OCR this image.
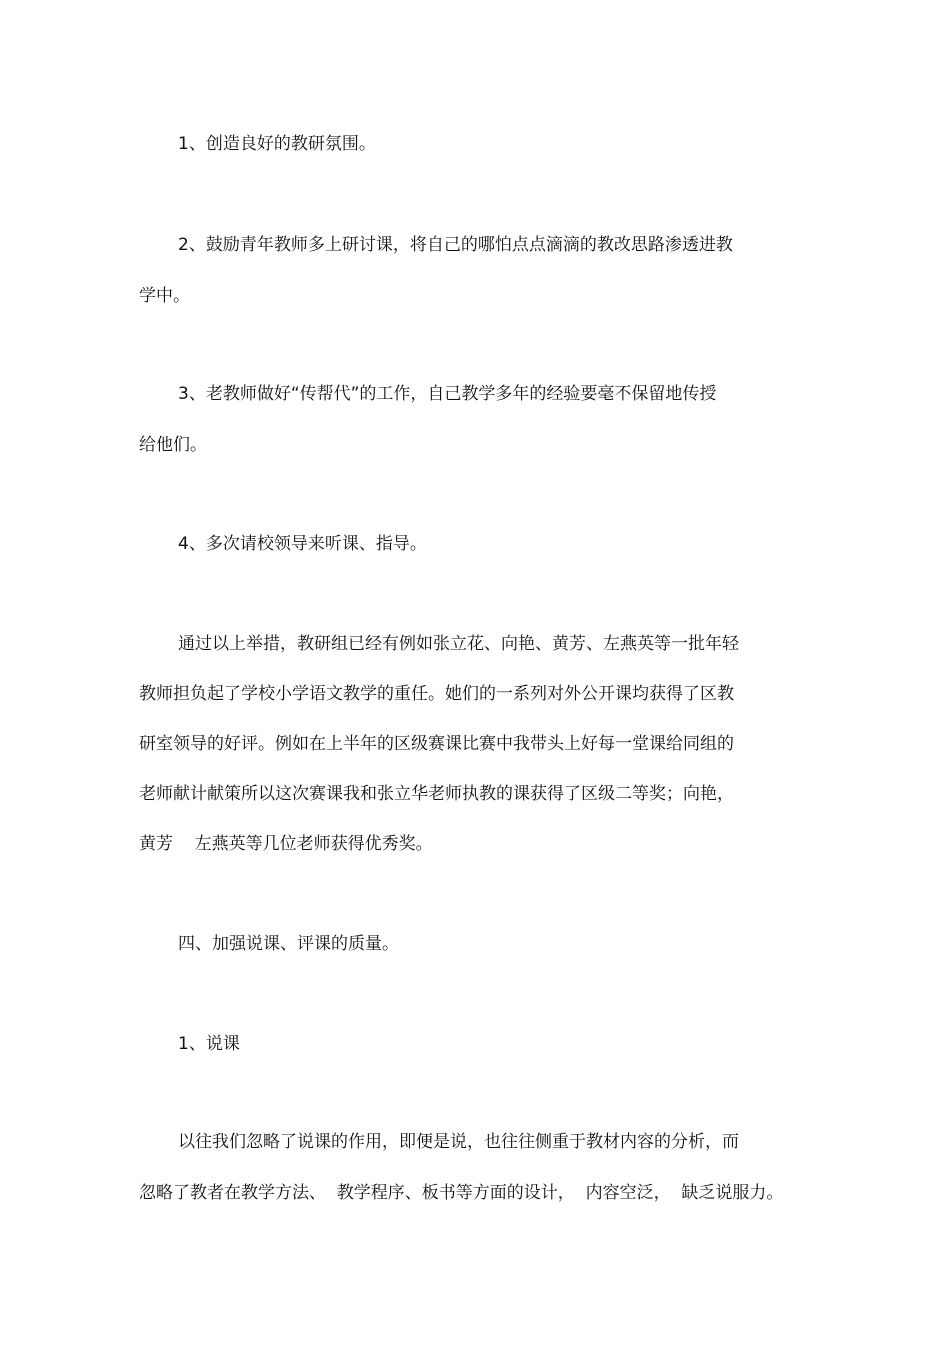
1、创造良好的教研氛围。
2、鼓励青年教师多上研讨课，将自己的哪怕点点滴滴的教改思路渗透进教
学中。
3、老教师做好“传帮代”的工作，自己教学多年的经验要毫不保留地传授
给他们。
4、多次请校领导来听课、指导。
通过以上举措，教研组已经有例如张立花、向艳、黄芳、左燕英等一批年轻
教师担负起了学校小学语文教学的重任。她们的一系列对外公开课均获得了区教
研室领导的好评。例如在上半年的区级赛课比赛中我带头上好每一堂课给同组的
老师献计献策所以这次赛课我和张立华老师执教的课获得了区级二等奖；向艳，
黄芳    左燕英等几位老师获得优秀奖。
四、加强说课、评课的质量。
1、说课
以往我们忽略了说课的作用，即便是说，也往往侧重于教材内容的分析，而
忽略了教者在教学方法、  教学程序、板书等方面的设计，  内容空泛，  缺乏说服力。
